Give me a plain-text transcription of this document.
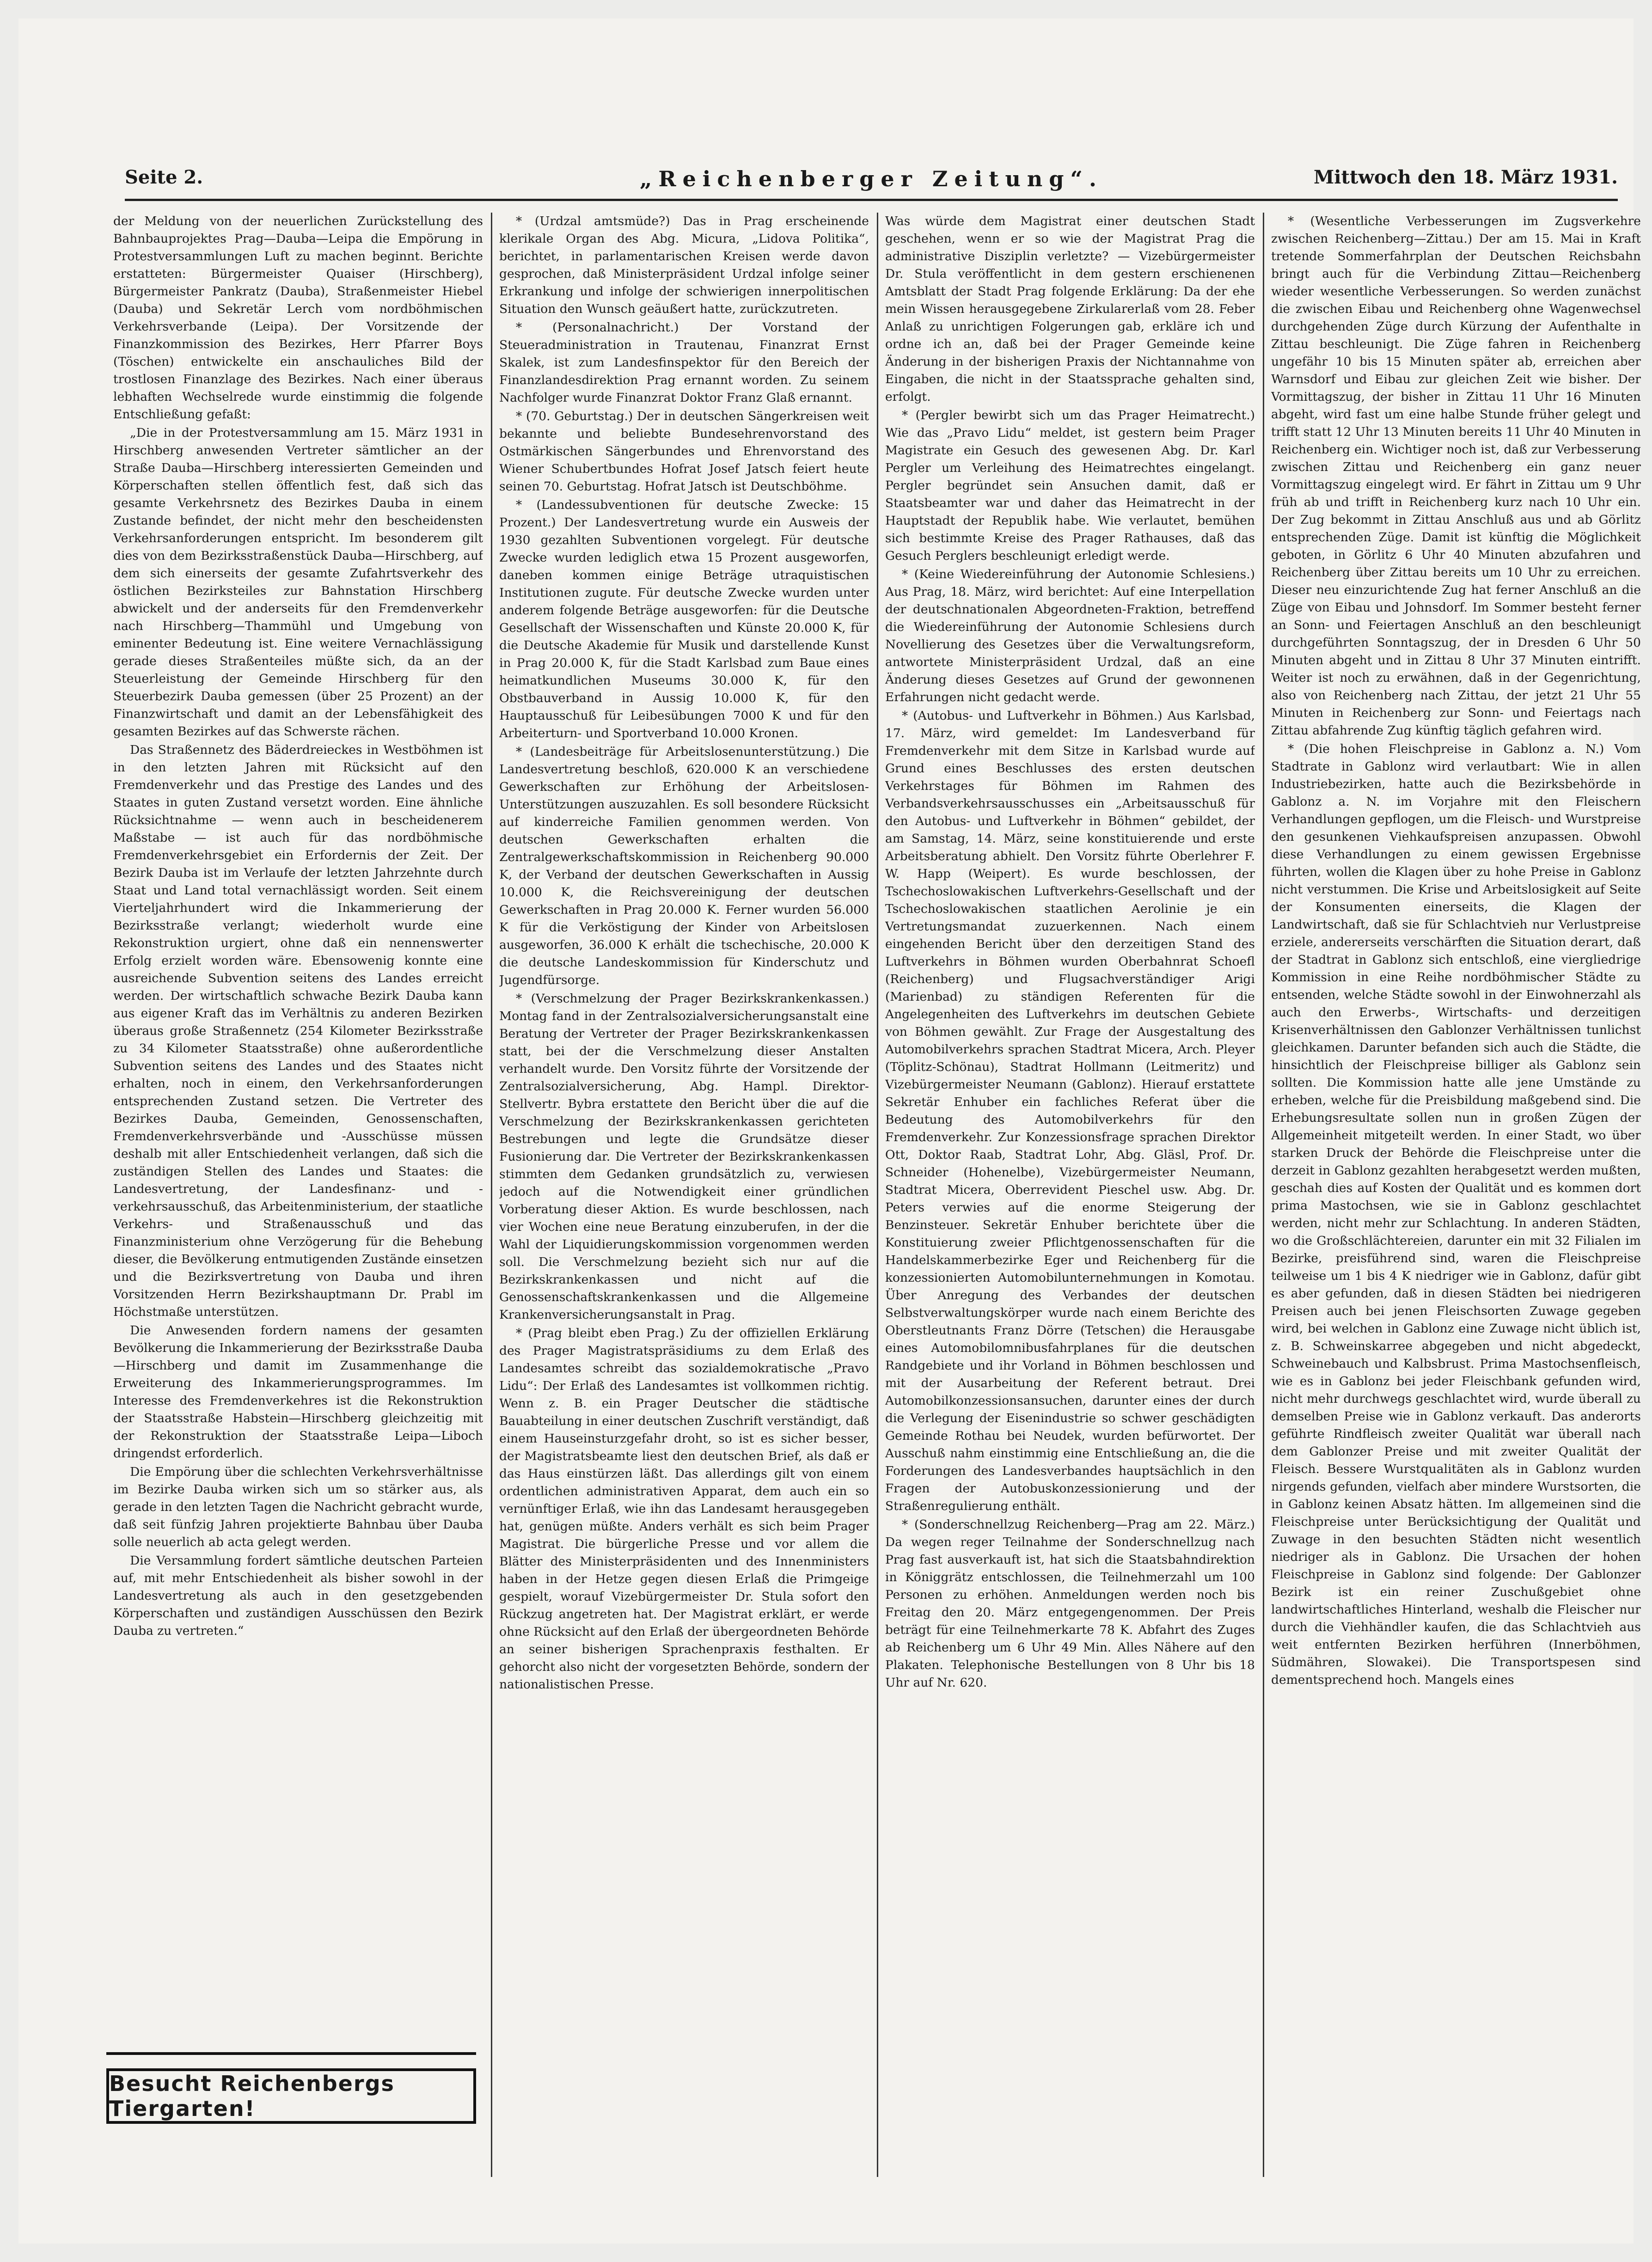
Seite 2.	„Reichenberger Zeitung“.	Mittwoch den 18. März 1931.

der Meldung von der neuerlichen Zurückstellung des Bahnbauprojektes Prag—Dauba—Leipa die Empörung in Protestversammlungen Luft zu machen beginnt. Berichte erstatteten: Bürgermeister Quaiser (Hirschberg), Bürgermeister Pankratz (Dauba), Straßenmeister Hiebel (Dauba) und Sekretär Lerch vom nordböhmischen Verkehrsverbande (Leipa). Der Vorsitzende der Finanzkommission des Bezirkes, Herr Pfarrer Boys (Töschen) entwickelte ein anschauliches Bild der trostlosen Finanzlage des Bezirkes. Nach einer überaus lebhaften Wechselrede wurde einstimmig die folgende Entschließung gefaßt:

„Die in der Protestversammlung am 15. März 1931 in Hirschberg anwesenden Vertreter sämtlicher an der Straße Dauba—Hirschberg interessierten Gemeinden und Körperschaften stellen öffentlich fest, daß sich das gesamte Verkehrsnetz des Bezirkes Dauba in einem Zustande befindet, der nicht mehr den bescheidensten Verkehrsanforderungen entspricht. Im besonderem gilt dies von dem Bezirksstraßenstück Dauba—Hirschberg, auf dem sich einerseits der gesamte Zufahrtsverkehr des östlichen Bezirksteiles zur Bahnstation Hirschberg abwickelt und der anderseits für den Fremdenverkehr nach Hirschberg—Thammühl und Umgebung von eminenter Bedeutung ist. Eine weitere Vernachlässigung gerade dieses Straßenteiles müßte sich, da an der Steuerleistung der Gemeinde Hirschberg für den Steuerbezirk Dauba gemessen (über 25 Prozent) an der Finanzwirtschaft und damit an der Lebensfähigkeit des gesamten Bezirkes auf das Schwerste rächen.

Das Straßennetz des Bäderdreieckes in Westböhmen ist in den letzten Jahren mit Rücksicht auf den Fremdenverkehr und das Prestige des Landes und des Staates in guten Zustand versetzt worden. Eine ähnliche Rücksichtnahme — wenn auch in bescheidenerem Maßstabe — ist auch für das nordböhmische Fremdenverkehrsgebiet ein Erfordernis der Zeit. Der Bezirk Dauba ist im Verlaufe der letzten Jahrzehnte durch Staat und Land total vernachlässigt worden. Seit einem Vierteljahrhundert wird die Inkammerierung der Bezirksstraße verlangt; wiederholt wurde eine Rekonstruktion urgiert, ohne daß ein nennenswerter Erfolg erzielt worden wäre. Ebensowenig konnte eine ausreichende Subvention seitens des Landes erreicht werden. Der wirtschaftlich schwache Bezirk Dauba kann aus eigener Kraft das im Verhältnis zu anderen Bezirken überaus große Straßennetz (254 Kilometer Bezirksstraße zu 34 Kilometer Staatsstraße) ohne außerordentliche Subvention seitens des Landes und des Staates nicht erhalten, noch in einem, den Verkehrsanforderungen entsprechenden Zustand setzen. Die Vertreter des Bezirkes Dauba, Gemeinden, Genossenschaften, Fremdenverkehrsverbände und -Ausschüsse müssen deshalb mit aller Entschiedenheit verlangen, daß sich die zuständigen Stellen des Landes und Staates: die Landesvertretung, der Landesfinanz- und -verkehrsausschuß, das Arbeitenministerium, der staatliche Verkehrs- und Straßenausschuß und das Finanzministerium ohne Verzögerung für die Behebung dieser, die Bevölkerung entmutigenden Zustände einsetzen und die Bezirksvertretung von Dauba und ihren Vorsitzenden Herrn Bezirkshauptmann Dr. Prabl im Höchstmaße unterstützen.

Die Anwesenden fordern namens der gesamten Bevölkerung die Inkammerierung der Bezirksstraße Dauba—Hirschberg und damit im Zusammenhange die Erweiterung des Inkammerierungsprogrammes. Im Interesse des Fremdenverkehres ist die Rekonstruktion der Staatsstraße Habstein—Hirschberg gleichzeitig mit der Rekonstruktion der Staatsstraße Leipa—Liboch dringendst erforderlich.

Die Empörung über die schlechten Verkehrsverhältnisse im Bezirke Dauba wirken sich um so stärker aus, als gerade in den letzten Tagen die Nachricht gebracht wurde, daß seit fünfzig Jahren projektierte Bahnbau über Dauba solle neuerlich ab acta gelegt werden.

Die Versammlung fordert sämtliche deutschen Parteien auf, mit mehr Entschiedenheit als bisher sowohl in der Landesvertretung als auch in den gesetzgebenden Körperschaften und zuständigen Ausschüssen den Bezirk Dauba zu vertreten.“

Besucht Reichenbergs Tiergarten!

* (Urdzal amtsmüde?) Das in Prag erscheinende klerikale Organ des Abg. Micura, „Lidova Politika“, berichtet, in parlamentarischen Kreisen werde davon gesprochen, daß Ministerpräsident Urdzal infolge seiner Erkrankung und infolge der schwierigen innerpolitischen Situation den Wunsch geäußert hatte, zurückzutreten.

* (Personalnachricht.) Der Vorstand der Steueradministration in Trautenau, Finanzrat Ernst Skalek, ist zum Landesfinspektor für den Bereich der Finanzlandesdirektion Prag ernannt worden. Zu seinem Nachfolger wurde Finanzrat Doktor Franz Glaß ernannt.

* (70. Geburtstag.) Der in deutschen Sängerkreisen weit bekannte und beliebte Bundesehrenvorstand des Ostmärkischen Sängerbundes und Ehrenvorstand des Wiener Schubertbundes Hofrat Josef Jatsch feiert heute seinen 70. Geburtstag. Hofrat Jatsch ist Deutschböhme.

* (Landessubventionen für deutsche Zwecke: 15 Prozent.) Der Landesvertretung wurde ein Ausweis der 1930 gezahlten Subventionen vorgelegt. Für deutsche Zwecke wurden lediglich etwa 15 Prozent ausgeworfen, daneben kommen einige Beträge utraquistischen Institutionen zugute. Für deutsche Zwecke wurden unter anderem folgende Beträge ausgeworfen: für die Deutsche Gesellschaft der Wissenschaften und Künste 20.000 K, für die Deutsche Akademie für Musik und darstellende Kunst in Prag 20.000 K, für die Stadt Karlsbad zum Baue eines heimatkundlichen Museums 30.000 K, für den Obstbauverband in Aussig 10.000 K, für den Hauptausschuß für Leibesübungen 7000 K und für den Arbeiterturn- und Sportverband 10.000 Kronen.

* (Landesbeiträge für Arbeitslosenunterstützung.) Die Landesvertretung beschloß, 620.000 K an verschiedene Gewerkschaften zur Erhöhung der Arbeitslosen-Unterstützungen auszuzahlen. Es soll besondere Rücksicht auf kinderreiche Familien genommen werden. Von deutschen Gewerkschaften erhalten die Zentralgewerkschaftskommission in Reichenberg 90.000 K, der Verband der deutschen Gewerkschaften in Aussig 10.000 K, die Reichsvereinigung der deutschen Gewerkschaften in Prag 20.000 K. Ferner wurden 56.000 K für die Verköstigung der Kinder von Arbeitslosen ausgeworfen, 36.000 K erhält die tschechische, 20.000 K die deutsche Landeskommission für Kinderschutz und Jugendfürsorge.

* (Verschmelzung der Prager Bezirkskrankenkassen.) Montag fand in der Zentralsozialversicherungsanstalt eine Beratung der Vertreter der Prager Bezirkskrankenkassen statt, bei der die Verschmelzung dieser Anstalten verhandelt wurde. Den Vorsitz führte der Vorsitzende der Zentralsozialversicherung, Abg. Hampl. Direktor-Stellvertr. Bybra erstattete den Bericht über die auf die Verschmelzung der Bezirkskrankenkassen gerichteten Bestrebungen und legte die Grundsätze dieser Fusionierung dar. Die Vertreter der Bezirkskrankenkassen stimmten dem Gedanken grundsätzlich zu, verwiesen jedoch auf die Notwendigkeit einer gründlichen Vorberatung dieser Aktion. Es wurde beschlossen, nach vier Wochen eine neue Beratung einzuberufen, in der die Wahl der Liquidierungskommission vorgenommen werden soll. Die Verschmelzung bezieht sich nur auf die Bezirkskrankenkassen und nicht auf die Genossenschaftskrankenkassen und die Allgemeine Krankenversicherungsanstalt in Prag.

* (Prag bleibt eben Prag.) Zu der offiziellen Erklärung des Prager Magistratspräsidiums zu dem Erlaß des Landesamtes schreibt das sozialdemokratische „Pravo Lidu“: Der Erlaß des Landesamtes ist vollkommen richtig. Wenn z. B. ein Prager Deutscher die städtische Bauabteilung in einer deutschen Zuschrift verständigt, daß einem Hauseinsturzgefahr droht, so ist es sicher besser, der Magistratsbeamte liest den deutschen Brief, als daß er das Haus einstürzen läßt. Das allerdings gilt von einem ordentlichen administrativen Apparat, dem auch ein so vernünftiger Erlaß, wie ihn das Landesamt herausgegeben hat, genügen müßte. Anders verhält es sich beim Prager Magistrat. Die bürgerliche Presse und vor allem die Blätter des Ministerpräsidenten und des Innenministers haben in der Hetze gegen diesen Erlaß die Primgeige gespielt, worauf Vizebürgermeister Dr. Stula sofort den Rückzug angetreten hat. Der Magistrat erklärt, er werde ohne Rücksicht auf den Erlaß der übergeordneten Behörde an seiner bisherigen Sprachenpraxis festhalten. Er gehorcht also nicht der vorgesetzten Behörde, sondern der nationalistischen Presse.

Was würde dem Magistrat einer deutschen Stadt geschehen, wenn er so wie der Magistrat Prag die administrative Disziplin verletzte? — Vizebürgermeister Dr. Stula veröffentlicht in dem gestern erschienenen Amtsblatt der Stadt Prag folgende Erklärung: Da der ehe mein Wissen herausgegebene Zirkularerlaß vom 28. Feber Anlaß zu unrichtigen Folgerungen gab, erkläre ich und ordne ich an, daß bei der Prager Gemeinde keine Änderung in der bisherigen Praxis der Nichtannahme von Eingaben, die nicht in der Staatssprache gehalten sind, erfolgt.

* (Pergler bewirbt sich um das Prager Heimatrecht.) Wie das „Pravo Lidu“ meldet, ist gestern beim Prager Magistrate ein Gesuch des gewesenen Abg. Dr. Karl Pergler um Verleihung des Heimatrechtes eingelangt. Pergler begründet sein Ansuchen damit, daß er Staatsbeamter war und daher das Heimatrecht in der Hauptstadt der Republik habe. Wie verlautet, bemühen sich bestimmte Kreise des Prager Rathauses, daß das Gesuch Perglers beschleunigt erledigt werde.

* (Keine Wiedereinführung der Autonomie Schlesiens.) Aus Prag, 18. März, wird berichtet: Auf eine Interpellation der deutschnationalen Abgeordneten-Fraktion, betreffend die Wiedereinführung der Autonomie Schlesiens durch Novellierung des Gesetzes über die Verwaltungsreform, antwortete Ministerpräsident Urdzal, daß an eine Änderung dieses Gesetzes auf Grund der gewonnenen Erfahrungen nicht gedacht werde.

* (Autobus- und Luftverkehr in Böhmen.) Aus Karlsbad, 17. März, wird gemeldet: Im Landesverband für Fremdenverkehr mit dem Sitze in Karlsbad wurde auf Grund eines Beschlusses des ersten deutschen Verkehrstages für Böhmen im Rahmen des Verbandsverkehrsausschusses ein „Arbeitsausschuß für den Autobus- und Luftverkehr in Böhmen“ gebildet, der am Samstag, 14. März, seine konstituierende und erste Arbeitsberatung abhielt. Den Vorsitz führte Oberlehrer F. W. Happ (Weipert). Es wurde beschlossen, der Tschechoslowakischen Luftverkehrs-Gesellschaft und der Tschechoslowakischen staatlichen Aerolinie je ein Vertretungsmandat zuzuerkennen. Nach einem eingehenden Bericht über den derzeitigen Stand des Luftverkehrs in Böhmen wurden Oberbahnrat Schoefl (Reichenberg) und Flugsachverständiger Arigi (Marienbad) zu ständigen Referenten für die Angelegenheiten des Luftverkehrs im deutschen Gebiete von Böhmen gewählt. Zur Frage der Ausgestaltung des Automobilverkehrs sprachen Stadtrat Micera, Arch. Pleyer (Töplitz-Schönau), Stadtrat Hollmann (Leitmeritz) und Vizebürgermeister Neumann (Gablonz). Hierauf erstattete Sekretär Enhuber ein fachliches Referat über die Bedeutung des Automobilverkehrs für den Fremdenverkehr. Zur Konzessionsfrage sprachen Direktor Ott, Doktor Raab, Stadtrat Lohr, Abg. Gläsl, Prof. Dr. Schneider (Hohenelbe), Vizebürgermeister Neumann, Stadtrat Micera, Oberrevident Pieschel usw. Abg. Dr. Peters verwies auf die enorme Steigerung der Benzinsteuer. Sekretär Enhuber berichtete über die Konstituierung zweier Pflichtgenossenschaften für die Handelskammerbezirke Eger und Reichenberg für die konzessionierten Automobilunternehmungen in Komotau. Über Anregung des Verbandes der deutschen Selbstverwaltungskörper wurde nach einem Berichte des Oberstleutnants Franz Dörre (Tetschen) die Herausgabe eines Automobilomnibusfahrplanes für die deutschen Randgebiete und ihr Vorland in Böhmen beschlossen und mit der Ausarbeitung der Referent betraut. Drei Automobilkonzessionsansuchen, darunter eines der durch die Verlegung der Eisenindustrie so schwer geschädigten Gemeinde Rothau bei Neudek, wurden befürwortet. Der Ausschuß nahm einstimmig eine Entschließung an, die die Forderungen des Landesverbandes hauptsächlich in den Fragen der Autobuskonzessionierung und der Straßenregulierung enthält.

* (Sonderschnellzug Reichenberg—Prag am 22. März.) Da wegen reger Teilnahme der Sonderschnellzug nach Prag fast ausverkauft ist, hat sich die Staatsbahndirektion in Königgrätz entschlossen, die Teilnehmerzahl um 100 Personen zu erhöhen. Anmeldungen werden noch bis Freitag den 20. März entgegengenommen. Der Preis beträgt für eine Teilnehmerkarte 78 K. Abfahrt des Zuges ab Reichenberg um 6 Uhr 49 Min. Alles Nähere auf den Plakaten. Telephonische Bestellungen von 8 Uhr bis 18 Uhr auf Nr. 620.

* (Wesentliche Verbesserungen im Zugsverkehre zwischen Reichenberg—Zittau.) Der am 15. Mai in Kraft tretende Sommerfahrplan der Deutschen Reichsbahn bringt auch für die Verbindung Zittau—Reichenberg wieder wesentliche Verbesserungen. So werden zunächst die zwischen Eibau und Reichenberg ohne Wagenwechsel durchgehenden Züge durch Kürzung der Aufenthalte in Zittau beschleunigt. Die Züge fahren in Reichenberg ungefähr 10 bis 15 Minuten später ab, erreichen aber Warnsdorf und Eibau zur gleichen Zeit wie bisher. Der Vormittagszug, der bisher in Zittau 11 Uhr 16 Minuten abgeht, wird fast um eine halbe Stunde früher gelegt und trifft statt 12 Uhr 13 Minuten bereits 11 Uhr 40 Minuten in Reichenberg ein. Wichtiger noch ist, daß zur Verbesserung zwischen Zittau und Reichenberg ein ganz neuer Vormittagszug eingelegt wird. Er fährt in Zittau um 9 Uhr früh ab und trifft in Reichenberg kurz nach 10 Uhr ein. Der Zug bekommt in Zittau Anschluß aus und ab Görlitz entsprechenden Züge. Damit ist künftig die Möglichkeit geboten, in Görlitz 6 Uhr 40 Minuten abzufahren und Reichenberg über Zittau bereits um 10 Uhr zu erreichen. Dieser neu einzurichtende Zug hat ferner Anschluß an die Züge von Eibau und Johnsdorf. Im Sommer besteht ferner an Sonn- und Feiertagen Anschluß an den beschleunigt durchgeführten Sonntagszug, der in Dresden 6 Uhr 50 Minuten abgeht und in Zittau 8 Uhr 37 Minuten eintrifft. Weiter ist noch zu erwähnen, daß in der Gegenrichtung, also von Reichenberg nach Zittau, der jetzt 21 Uhr 55 Minuten in Reichenberg zur Sonn- und Feiertags nach Zittau abfahrende Zug künftig täglich gefahren wird.

* (Die hohen Fleischpreise in Gablonz a. N.) Vom Stadtrate in Gablonz wird verlautbart: Wie in allen Industriebezirken, hatte auch die Bezirksbehörde in Gablonz a. N. im Vorjahre mit den Fleischern Verhandlungen gepflogen, um die Fleisch- und Wurstpreise den gesunkenen Viehkaufspreisen anzupassen. Obwohl diese Verhandlungen zu einem gewissen Ergebnisse führten, wollen die Klagen über zu hohe Preise in Gablonz nicht verstummen. Die Krise und Arbeitslosigkeit auf Seite der Konsumenten einerseits, die Klagen der Landwirtschaft, daß sie für Schlachtvieh nur Verlustpreise erziele, andererseits verschärften die Situation derart, daß der Stadtrat in Gablonz sich entschloß, eine viergliedrige Kommission in eine Reihe nordböhmischer Städte zu entsenden, welche Städte sowohl in der Einwohnerzahl als auch den Erwerbs-, Wirtschafts- und derzeitigen Krisenverhältnissen den Gablonzer Verhältnissen tunlichst gleichkamen. Darunter befanden sich auch die Städte, die hinsichtlich der Fleischpreise billiger als Gablonz sein sollten. Die Kommission hatte alle jene Umstände zu erheben, welche für die Preisbildung maßgebend sind. Die Erhebungsresultate sollen nun in großen Zügen der Allgemeinheit mitgeteilt werden. In einer Stadt, wo über starken Druck der Behörde die Fleischpreise unter die derzeit in Gablonz gezahlten herabgesetzt werden mußten, geschah dies auf Kosten der Qualität und es kommen dort prima Mastochsen, wie sie in Gablonz geschlachtet werden, nicht mehr zur Schlachtung. In anderen Städten, wo die Großschlächtereien, darunter ein mit 32 Filialen im Bezirke, preisführend sind, waren die Fleischpreise teilweise um 1 bis 4 K niedriger wie in Gablonz, dafür gibt es aber gefunden, daß in diesen Städten bei niedrigeren Preisen auch bei jenen Fleischsorten Zuwage gegeben wird, bei welchen in Gablonz eine Zuwage nicht üblich ist, z. B. Schweinskarree abgegeben und nicht abgedeckt, Schweinebauch und Kalbsbrust. Prima Mastochsenfleisch, wie es in Gablonz bei jeder Fleischbank gefunden wird, nicht mehr durchwegs geschlachtet wird, wurde überall zu demselben Preise wie in Gablonz verkauft. Das anderorts geführte Rindfleisch zweiter Qualität war überall nach dem Gablonzer Preise und mit zweiter Qualität der Fleisch. Bessere Wurstqualitäten als in Gablonz wurden nirgends gefunden, vielfach aber mindere Wurstsorten, die in Gablonz keinen Absatz hätten. Im allgemeinen sind die Fleischpreise unter Berücksichtigung der Qualität und Zuwage in den besuchten Städten nicht wesentlich niedriger als in Gablonz. Die Ursachen der hohen Fleischpreise in Gablonz sind folgende: Der Gablonzer Bezirk ist ein reiner Zuschußgebiet ohne landwirtschaftliches Hinterland, weshalb die Fleischer nur durch die Viehhändler kaufen, die das Schlachtvieh aus weit entfernten Bezirken herführen (Innerböhmen, Südmähren, Slowakei). Die Transportspesen sind dementsprechend hoch. Mangels eines
